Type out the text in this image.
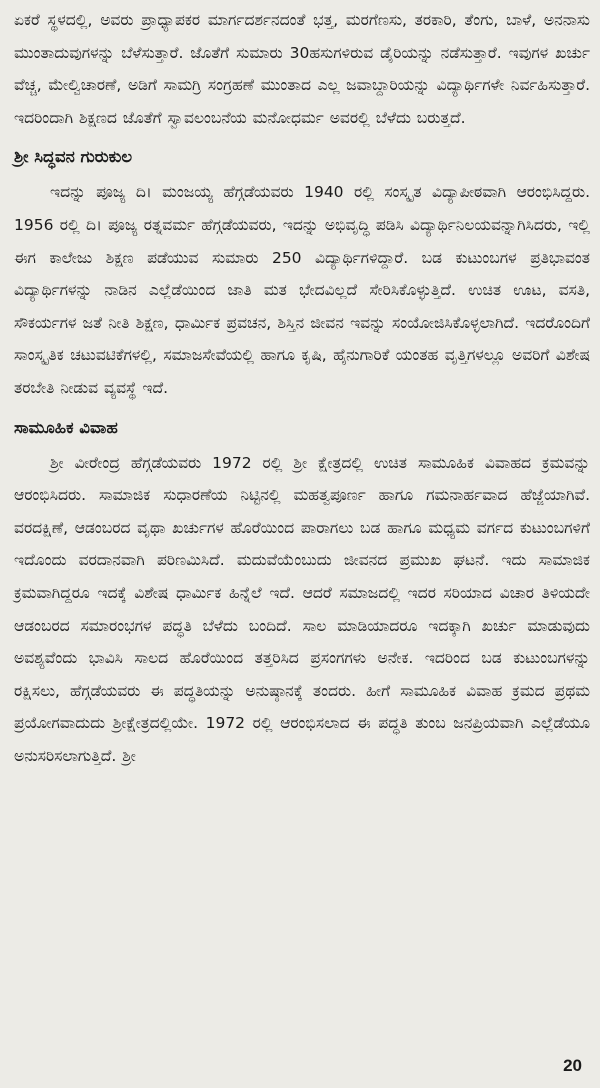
ಏಕರೆ ಸ್ಥಳದಲ್ಲಿ, ಅವರು ಪ್ರಾಧ್ಯಾಪಕರ ಮಾರ್ಗದರ್ಶನದಂತೆ ಭತ್ತ, ಮರಗೆಣಸು, ತರಕಾರಿ, ತೆಂಗು, ಬಾಳೆ, ಅನನಾಸು ಮುಂತಾದುವುಗಳನ್ನು ಬೆಳೆಸುತ್ತಾರೆ. ಜೊತೆಗೆ ಸುಮಾರು 30ಹಸುಗಳಿರುವ ಡೈರಿಯನ್ನು ನಡೆಸುತ್ತಾರೆ. ಇವುಗಳ ಖರ್ಚು ವೆಚ್ಚ, ಮೇಲ್ವಿಚಾರಣೆ, ಅಡಿಗೆ ಸಾಮಗ್ರಿ ಸಂಗ್ರಹಣೆ ಮುಂತಾದ ಎಲ್ಲ ಜವಾಬ್ದಾರಿಯನ್ನು ವಿದ್ಯಾರ್ಥಿಗಳೇ ನಿರ್ವಹಿಸುತ್ತಾರೆ. ಇದರಿಂದಾಗಿ ಶಿಕ್ಷಣದ ಜೊತೆಗೆ ಸ್ವಾವಲಂಬನೆಯ ಮನೋಧರ್ಮ ಅವರಲ್ಲಿ ಬೆಳೆದು ಬರುತ್ತದೆ.

ಶ್ರೀ ಸಿದ್ಧವನ ಗುರುಕುಲ

ಇದನ್ನು ಪೂಜ್ಯ ದಿ। ಮಂಜಯ್ಯ ಹೆಗ್ಗಡೆಯವರು 1940 ರಲ್ಲಿ ಸಂಸ್ಕೃತ ವಿದ್ಯಾಪೀಠವಾಗಿ ಆರಂಭಿಸಿದ್ದರು. 1956 ರಲ್ಲಿ ದಿ। ಪೂಜ್ಯ ರತ್ನವರ್ಮ ಹೆಗ್ಗಡೆಯವರು, ಇದನ್ನು ಅಭಿವೃದ್ಧಿ ಪಡಿಸಿ ವಿದ್ಯಾರ್ಥಿನಿಲಯವನ್ನಾಗಿಸಿದರು, ಇಲ್ಲಿ ಈಗ ಕಾಲೇಜು ಶಿಕ್ಷಣ ಪಡೆಯುವ ಸುಮಾರು 250 ವಿದ್ಯಾರ್ಥಿಗಳಿದ್ದಾರೆ. ಬಡ ಕುಟುಂಬಗಳ ಪ್ರತಿಭಾವಂತ ವಿದ್ಯಾರ್ಥಿಗಳನ್ನು ನಾಡಿನ ಎಲ್ಲೆಡೆಯಿಂದ ಜಾತಿ ಮತ ಭೇದವಿಲ್ಲದೆ ಸೇರಿಸಿಕೊಳ್ಳುತ್ತಿದೆ. ಉಚಿತ ಊಟ, ವಸತಿ, ಸೌಕರ್ಯಗಳ ಜತೆ ನೀತಿ ಶಿಕ್ಷಣ, ಧಾರ್ಮಿಕ ಪ್ರವಚನ, ಶಿಸ್ತಿನ ಜೀವನ ಇವನ್ನು ಸಂಯೋಜಿಸಿಕೊಳ್ಳಲಾಗಿದೆ. ಇದರೊಂದಿಗೆ ಸಾಂಸ್ಕೃತಿಕ ಚಟುವಟಿಕೆಗಳಲ್ಲಿ, ಸಮಾಜಸೇವೆಯಲ್ಲಿ ಹಾಗೂ ಕೃಷಿ, ಹೈನುಗಾರಿಕೆ ಯಂತಹ ವೃತ್ತಿಗಳಲ್ಲೂ ಅವರಿಗೆ ವಿಶೇಷ ತರಬೇತಿ ನೀಡುವ ವ್ಯವಸ್ಥೆ ಇದೆ.

ಸಾಮೂಹಿಕ ವಿವಾಹ

ಶ್ರೀ ವೀರೇಂದ್ರ ಹೆಗ್ಗಡೆಯವರು 1972 ರಲ್ಲಿ ಶ್ರೀ ಕ್ಷೇತ್ರದಲ್ಲಿ ಉಚಿತ ಸಾಮೂಹಿಕ ವಿವಾಹದ ಕ್ರಮವನ್ನು ಆರಂಭಿಸಿದರು. ಸಾಮಾಜಿಕ ಸುಧಾರಣೆಯ ನಿಟ್ಟಿನಲ್ಲಿ ಮಹತ್ವಪೂರ್ಣ ಹಾಗೂ ಗಮನಾರ್ಹವಾದ ಹೆಜ್ಜೆಯಾಗಿವೆ. ವರದಕ್ಷಿಣೆ, ಆಡಂಬರದ ವೃಥಾ ಖರ್ಚುಗಳ ಹೊರೆಯಿಂದ ಪಾರಾಗಲು ಬಡ ಹಾಗೂ ಮಧ್ಯಮ ವರ್ಗದ ಕುಟುಂಬಗಳಿಗೆ ಇದೊಂದು ವರದಾನವಾಗಿ ಪರಿಣಮಿಸಿದೆ. ಮದುವೆಯೆಂಬುದು ಜೀವನದ ಪ್ರಮುಖ ಘಟನೆ. ಇದು ಸಾಮಾಜಿಕ ಕ್ರಮವಾಗಿದ್ದರೂ ಇದಕ್ಕೆ ವಿಶೇಷ ಧಾರ್ಮಿಕ ಹಿನ್ನೆಲೆ ಇದೆ. ಆದರೆ ಸಮಾಜದಲ್ಲಿ ಇದರ ಸರಿಯಾದ ವಿಚಾರ ತಿಳಿಯದೇ ಆಡಂಬರದ ಸಮಾರಂಭಗಳ ಪದ್ಧತಿ ಬೆಳೆದು ಬಂದಿದೆ. ಸಾಲ ಮಾಡಿಯಾದರೂ ಇದಕ್ಕಾಗಿ ಖರ್ಚು ಮಾಡುವುದು ಅವಶ್ಯವೆಂದು ಭಾವಿಸಿ ಸಾಲದ ಹೊರೆಯಿಂದ ತತ್ತರಿಸಿದ ಪ್ರಸಂಗಗಳು ಅನೇಕ. ಇದರಿಂದ ಬಡ ಕುಟುಂಬಗಳನ್ನು ರಕ್ಷಿಸಲು, ಹೆಗ್ಗಡೆಯವರು ಈ ಪದ್ಧತಿಯನ್ನು ಅನುಷ್ಠಾನಕ್ಕೆ ತಂದರು. ಹೀಗೆ ಸಾಮೂಹಿಕ ವಿವಾಹ ಕ್ರಮದ ಪ್ರಥಮ ಪ್ರಯೋಗವಾದುದು ಶ್ರೀಕ್ಷೇತ್ರದಲ್ಲಿಯೇ. 1972 ರಲ್ಲಿ ಆರಂಭಿಸಲಾದ ಈ ಪದ್ಧತಿ ತುಂಬ ಜನಪ್ರಿಯವಾಗಿ ಎಲ್ಲೆಡೆಯೂ ಅನುಸರಿಸಲಾಗುತ್ತಿದೆ. ಶ್ರೀ

20
